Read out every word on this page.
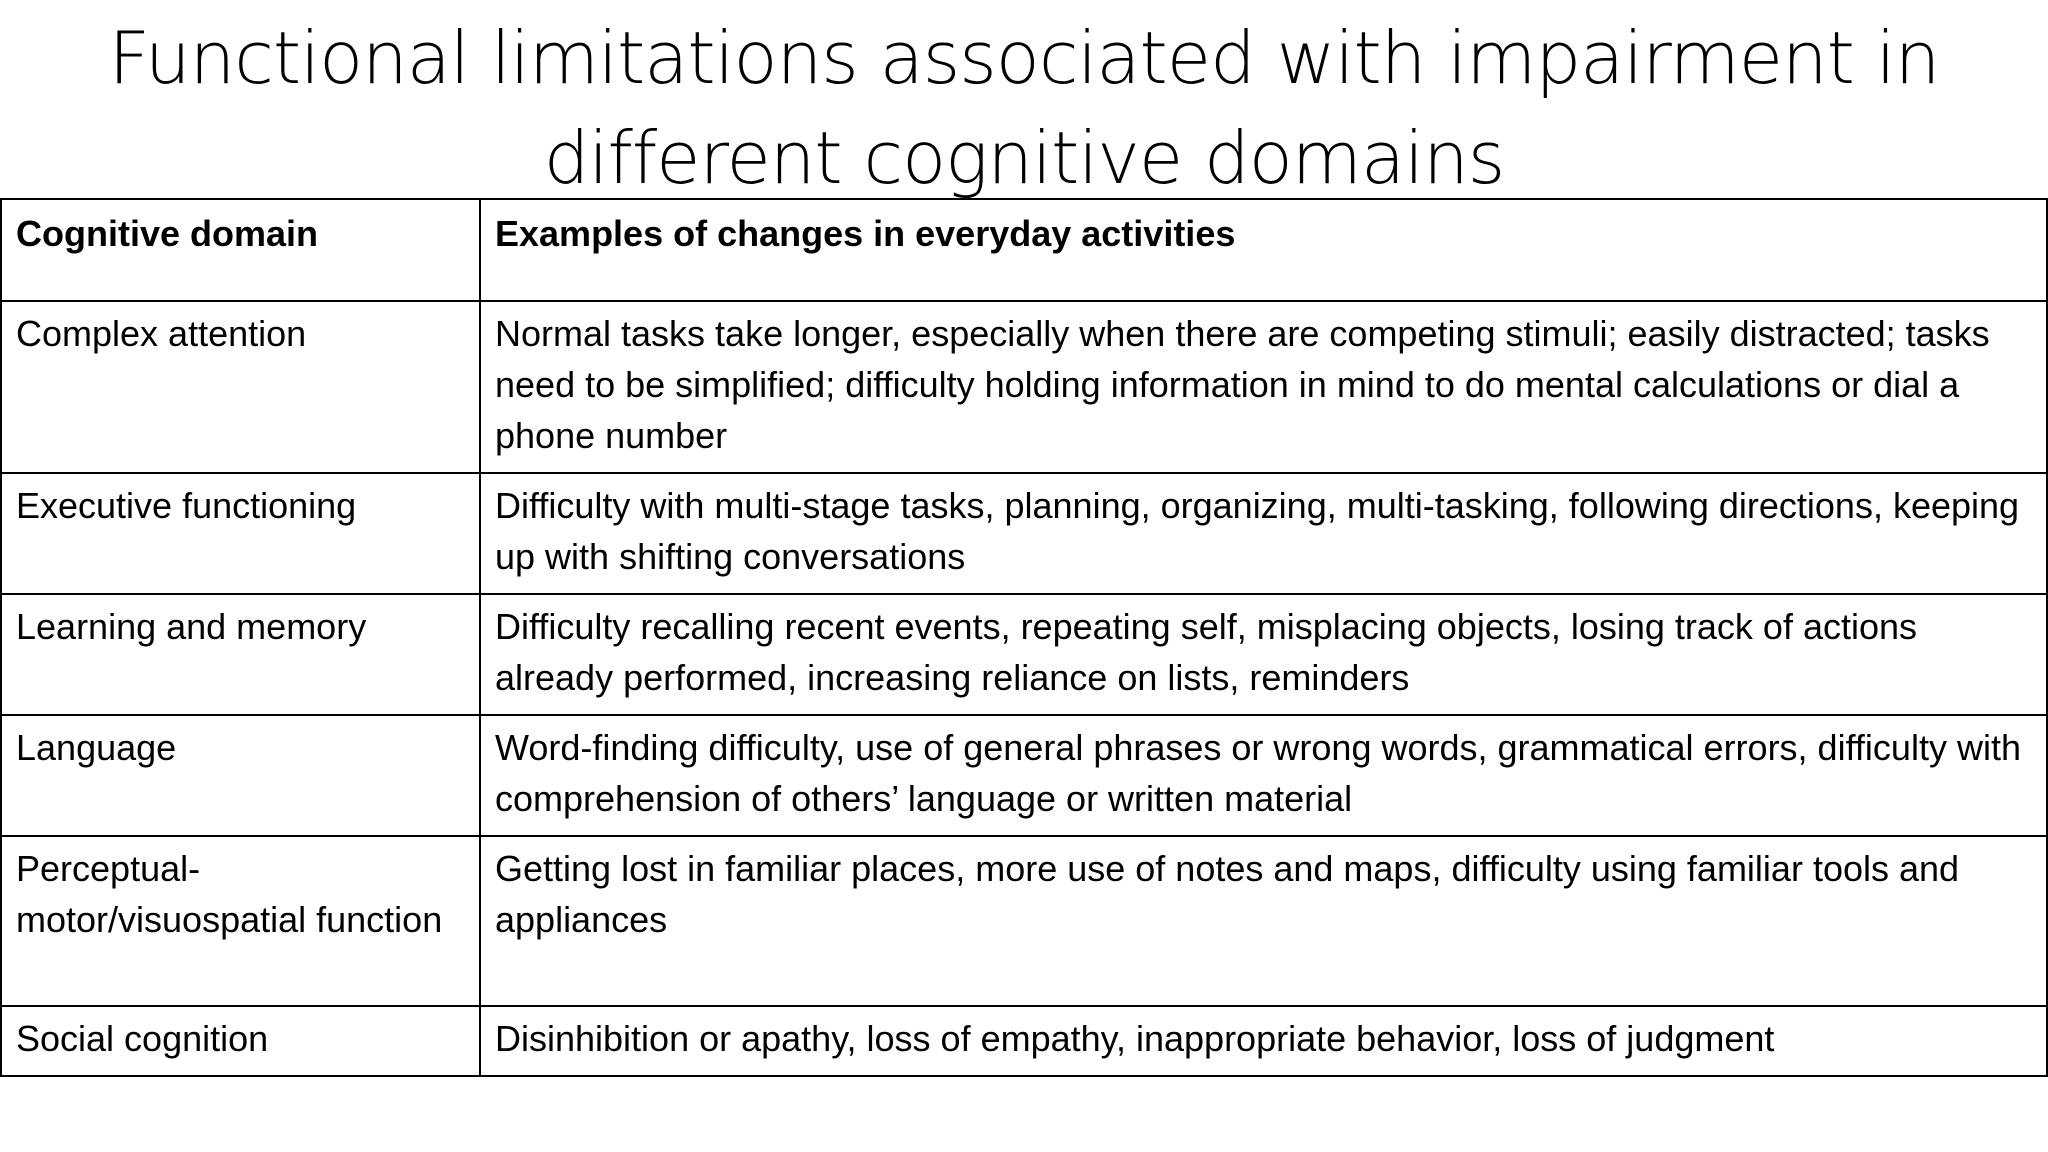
Functional limitations associated with impairment in
different cognitive domains
Cognitive domain	Examples of changes in everyday activities
Complex attention	Normal tasks take longer, especially when there are competing stimuli; easily distracted; tasks need to be simplified; difficulty holding information in mind to do mental calculations or dial a phone number
Executive functioning	Difficulty with multi-stage tasks, planning, organizing, multi-tasking, following directions, keeping up with shifting conversations
Learning and memory	Difficulty recalling recent events, repeating self, misplacing objects, losing track of actions already performed, increasing reliance on lists, reminders
Language	Word-finding difficulty, use of general phrases or wrong words, grammatical errors, difficulty with comprehension of others’ language or written material
Perceptual-motor/visuospatial function	Getting lost in familiar places, more use of notes and maps, difficulty using familiar tools and appliances
Social cognition	Disinhibition or apathy, loss of empathy, inappropriate behavior, loss of judgment
